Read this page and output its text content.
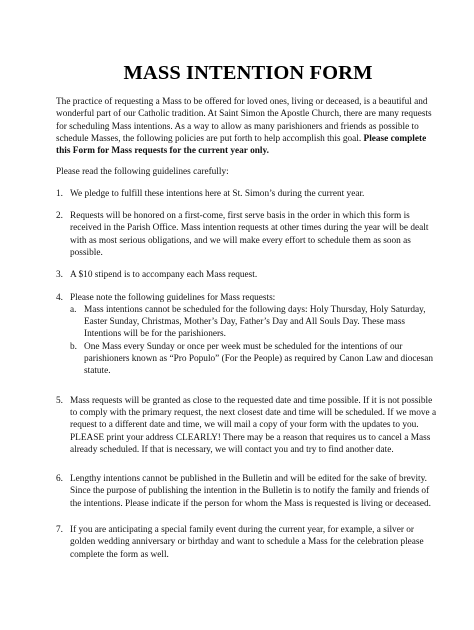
MASS INTENTION FORM

The practice of requesting a Mass to be offered for loved ones, living or deceased, is a beautiful and wonderful part of our Catholic tradition. At Saint Simon the Apostle Church, there are many requests for scheduling Mass intentions. As a way to allow as many parishioners and friends as possible to schedule Masses, the following policies are put forth to help accomplish this goal. Please complete this Form for Mass requests for the current year only.

Please read the following guidelines carefully:

1. We pledge to fulfill these intentions here at St. Simon’s during the current year.
2. Requests will be honored on a first-come, first serve basis in the order in which this form is received in the Parish Office. Mass intention requests at other times during the year will be dealt with as most serious obligations, and we will make every effort to schedule them as soon as possible.
3. A $10 stipend is to accompany each Mass request.
4. Please note the following guidelines for Mass requests:
a. Mass intentions cannot be scheduled for the following days: Holy Thursday, Holy Saturday, Easter Sunday, Christmas, Mother’s Day, Father’s Day and All Souls Day. These mass Intentions will be for the parishioners.
b. One Mass every Sunday or once per week must be scheduled for the intentions of our parishioners known as “Pro Populo” (For the People) as required by Canon Law and diocesan statute.
5. Mass requests will be granted as close to the requested date and time possible. If it is not possible to comply with the primary request, the next closest date and time will be scheduled. If we move a request to a different date and time, we will mail a copy of your form with the updates to you. PLEASE print your address CLEARLY! There may be a reason that requires us to cancel a Mass already scheduled. If that is necessary, we will contact you and try to find another date.
6. Lengthy intentions cannot be published in the Bulletin and will be edited for the sake of brevity. Since the purpose of publishing the intention in the Bulletin is to notify the family and friends of the intentions. Please indicate if the person for whom the Mass is requested is living or deceased.
7. If you are anticipating a special family event during the current year, for example, a silver or golden wedding anniversary or birthday and want to schedule a Mass for the celebration please complete the form as well.
